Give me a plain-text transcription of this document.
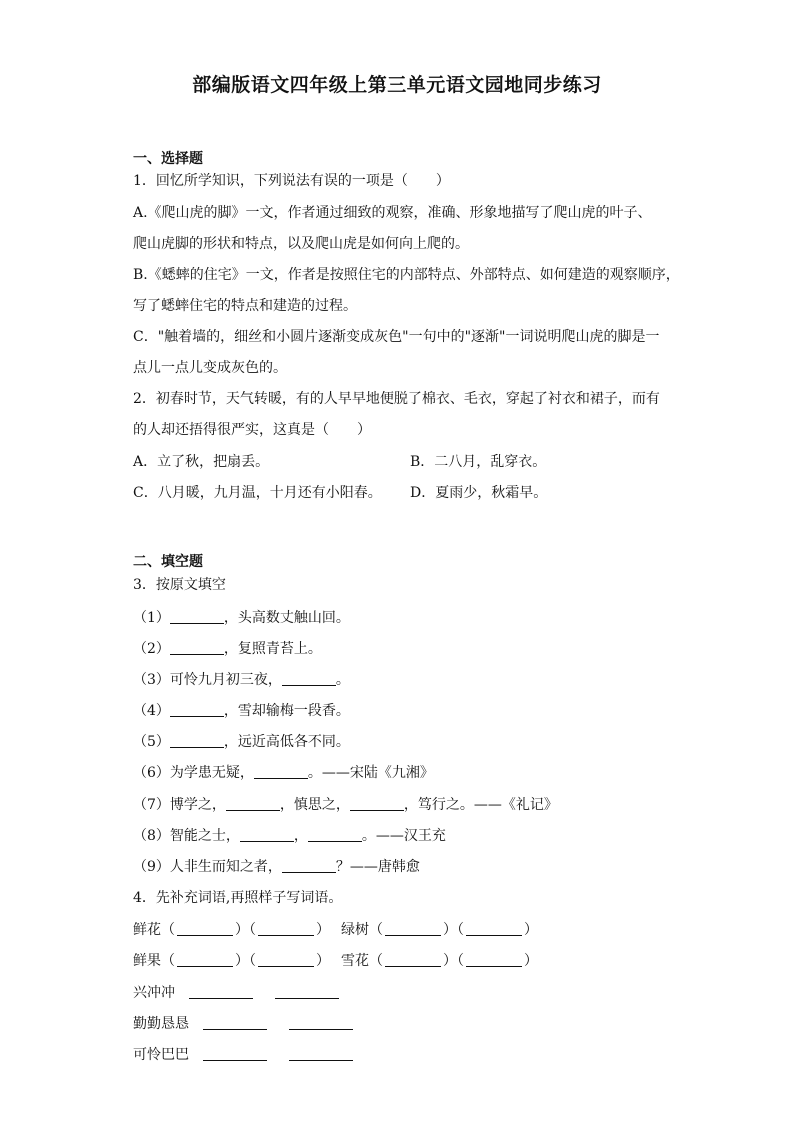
部编版语文四年级上第三单元语文园地同步练习
一、选择题
1．回忆所学知识，下列说法有误的一项是（　　）
A.《爬山虎的脚》一文，作者通过细致的观察，准确、形象地描写了爬山虎的叶子、
爬山虎脚的形状和特点，以及爬山虎是如何向上爬的。
B.《蟋蟀的住宅》一文，作者是按照住宅的内部特点、外部特点、如何建造的观察顺序，
写了蟋蟀住宅的特点和建造的过程。
C．"触着墙的，细丝和小圆片逐渐变成灰色"一句中的"逐渐"一词说明爬山虎的脚是一
点儿一点儿变成灰色的。
2．初春时节，天气转暖，有的人早早地便脱了棉衣、毛衣，穿起了衬衣和裙子，而有
的人却还捂得很严实，这真是（　　）
A．立了秋，把扇丢。	B．二八月，乱穿衣。
C．八月暖，九月温，十月还有小阳春。 D．夏雨少，秋霜早。
二、填空题
3．按原文填空
（1）	，头高数丈触山回。
（2）	，复照青苔上。
（3）可怜九月初三夜，	。
（4）	，雪却输梅一段香。
（5）	，远近高低各不同。
（6）为学患无疑，	。——宋陆《九湘》
（7）博学之，	，慎思之，	，笃行之。——《礼记》
（8）智能之士，	，	。——汉王充
（9）人非生而知之者，	？——唐韩愈
4．先补充词语,再照样子写词语。
鲜花（	）（	） 绿树（	）（	）
鲜果（	）（	） 雪花（	）（	）
兴冲冲
勤勤恳恳
可怜巴巴
